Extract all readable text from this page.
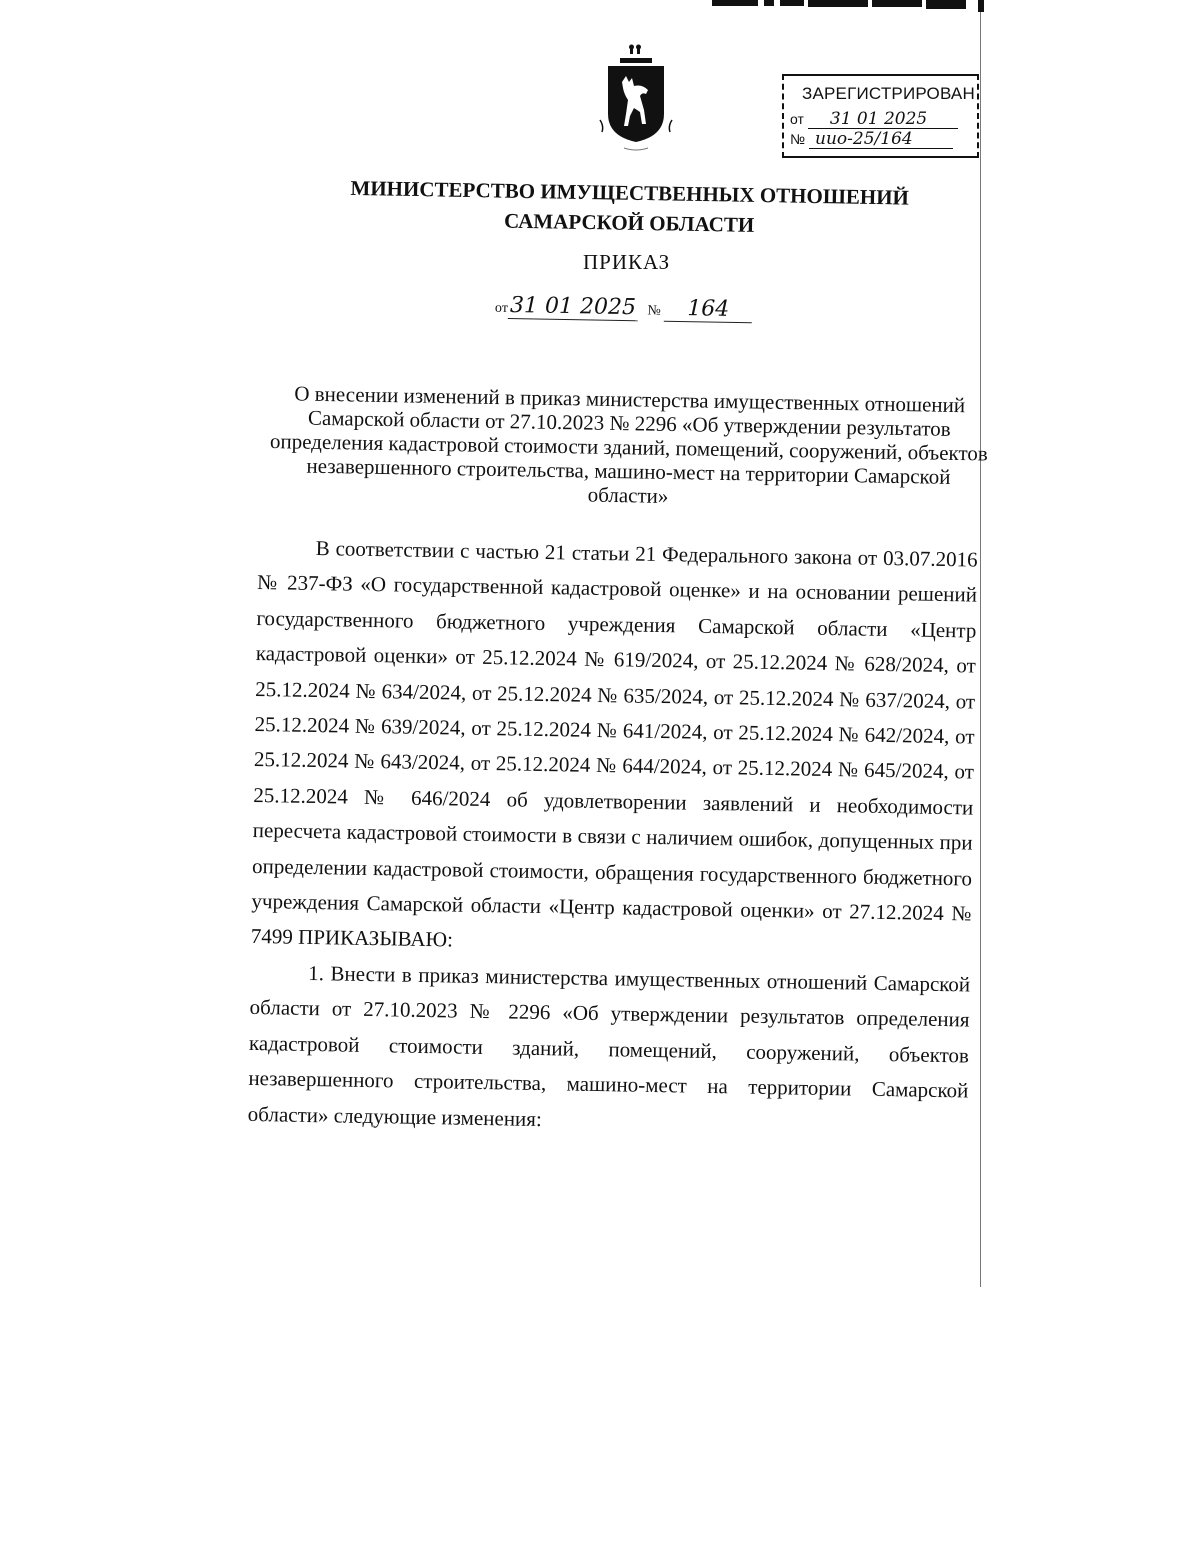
ЗАРЕГИСТРИРОВАН
от 31 01 2025
№ иио-25/164
МИНИСТЕРСТВО ИМУЩЕСТВЕННЫХ ОТНОШЕНИЙ
САМАРСКОЙ ОБЛАСТИ
ПРИКАЗ
от31 01 2025 № 164
О внесении изменений в приказ министерства имущественных отношений Самарской области от 27.10.2023 № 2296 «Об утверждении результатов определения кадастровой стоимости зданий, помещений, сооружений, объектов незавершенного строительства, машино-мест на территории Самарской области»

В соответствии с частью 21 статьи 21 Федерального закона от 03.07.2016 № 237-ФЗ «О государственной кадастровой оценке» и на основании решений государственного бюджетного учреждения Самарской области «Центр кадастровой оценки» от 25.12.2024 № 619/2024, от 25.12.2024 № 628/2024, от 25.12.2024 № 634/2024, от 25.12.2024 № 635/2024, от 25.12.2024 № 637/2024, от 25.12.2024 № 639/2024, от 25.12.2024 № 641/2024, от 25.12.2024 № 642/2024, от 25.12.2024 № 643/2024, от 25.12.2024 № 644/2024, от 25.12.2024 № 645/2024, от 25.12.2024 № 646/2024 об удовлетворении заявлений и необходимости пересчета кадастровой стоимости в связи с наличием ошибок, допущенных при определении кадастровой стоимости, обращения государственного бюджетного учреждения Самарской области «Центр кадастровой оценки» от 27.12.2024 № 7499 ПРИКАЗЫВАЮ:

1. Внести в приказ министерства имущественных отношений Самарской области от 27.10.2023 № 2296 «Об утверждении результатов определения кадастровой стоимости зданий, помещений, сооружений, объектов незавершенного строительства, машино-мест на территории Самарской области» следующие изменения:
